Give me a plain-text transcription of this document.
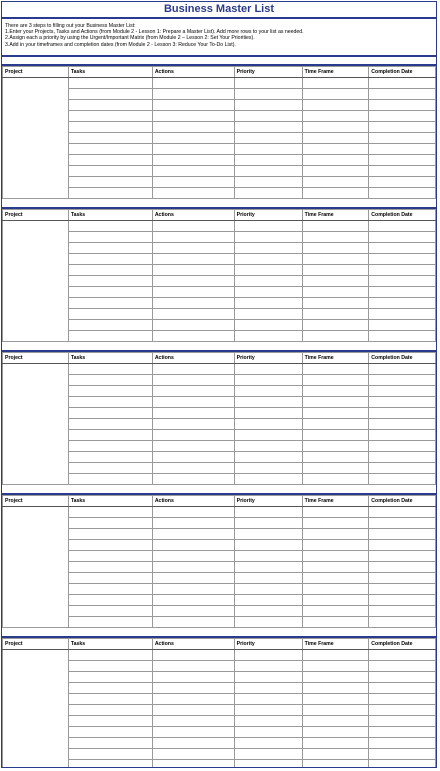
Business Master List
There are 3 steps to filling out your Business Master List:
1.Enter your Projects, Tasks and Actions (from Module 2 - Lesson 1: Prepare a Master List). Add more rows to your list as needed.
2.Assign each a priority by using the Urgent/Important Matrix (from Module 2 – Lesson 2: Set Your Priorities).
3.Add in your timeframes and completion dates (from Module 2 - Lesson 3: Reduce Your To-Do List).
Project	Tasks	Actions	Priority	Time Frame	Completion Date

Project	Tasks	Actions	Priority	Time Frame	Completion Date

Project	Tasks	Actions	Priority	Time Frame	Completion Date

Project	Tasks	Actions	Priority	Time Frame	Completion Date

Project	Tasks	Actions	Priority	Time Frame	Completion Date
